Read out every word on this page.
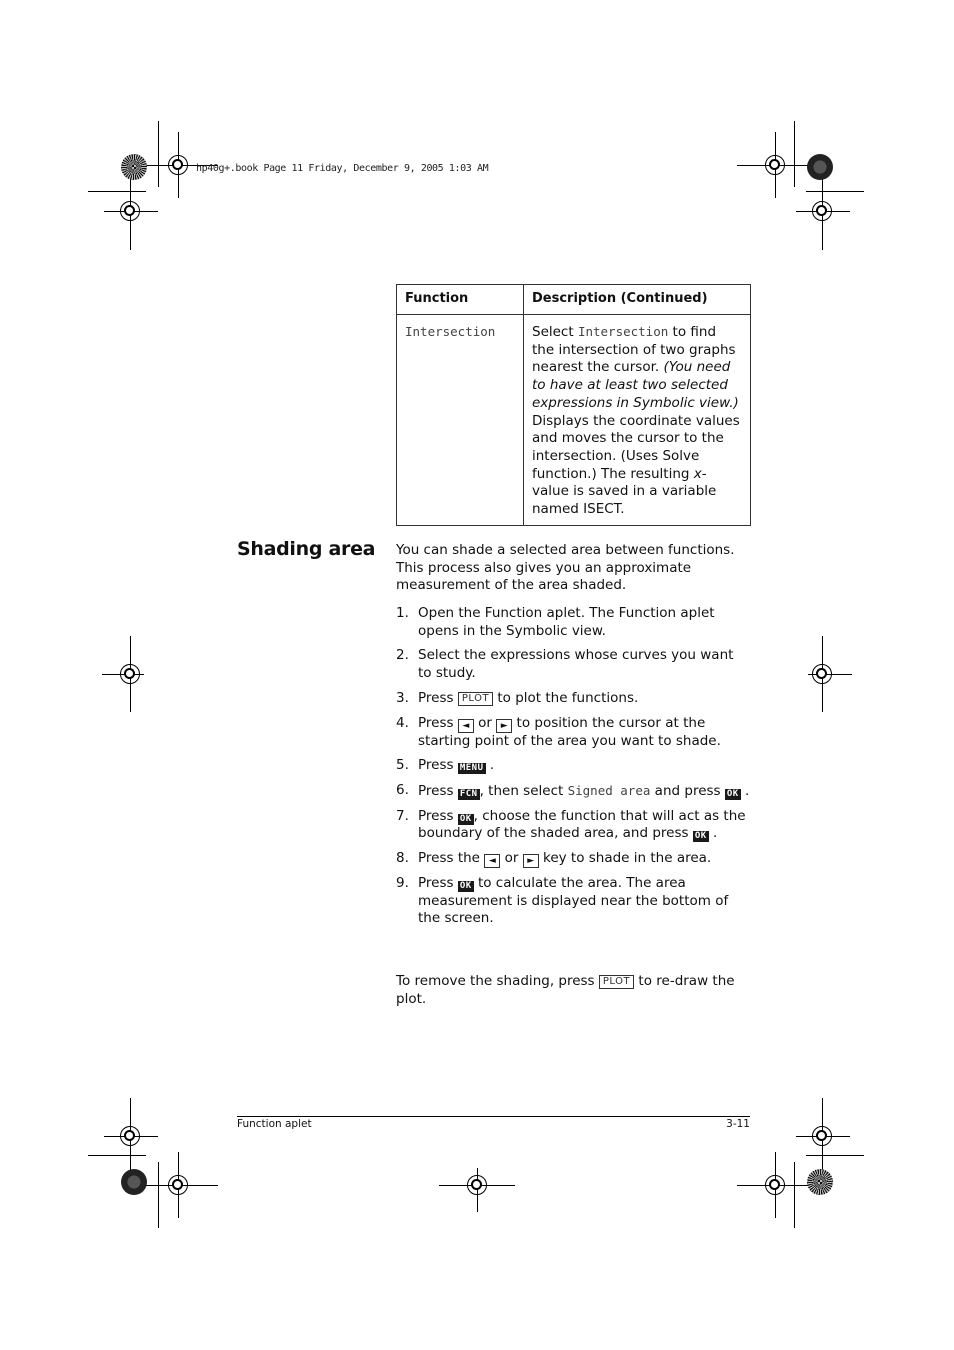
hp40g+.book Page 11 Friday, December 9, 2005 1:03 AM
Function	Description (Continued)
Intersection	Select Intersection to find the intersection of two graphs nearest the cursor. (You need to have at least two selected expressions in Symbolic view.) Displays the coordinate values and moves the cursor to the intersection. (Uses Solve function.) The resulting x-value is saved in a variable named ISECT.
Shading area You can shade a selected area between functions. This process also gives you an approximate measurement of the area shaded.
1. Open the Function aplet. The Function aplet opens in the Symbolic view.
2. Select the expressions whose curves you want to study.
3. Press PLOT to plot the functions.
4. Press ◄ or ► to position the cursor at the starting point of the area you want to shade.
5. Press MENU .
6. Press FCN , then select Signed area and press OK .
7. Press OK , choose the function that will act as the boundary of the shaded area, and press OK .
8. Press the ◄ or ► key to shade in the area.
9. Press OK to calculate the area. The area measurement is displayed near the bottom of the screen.
To remove the shading, press PLOT to re-draw the plot.
Function aplet	3-11
